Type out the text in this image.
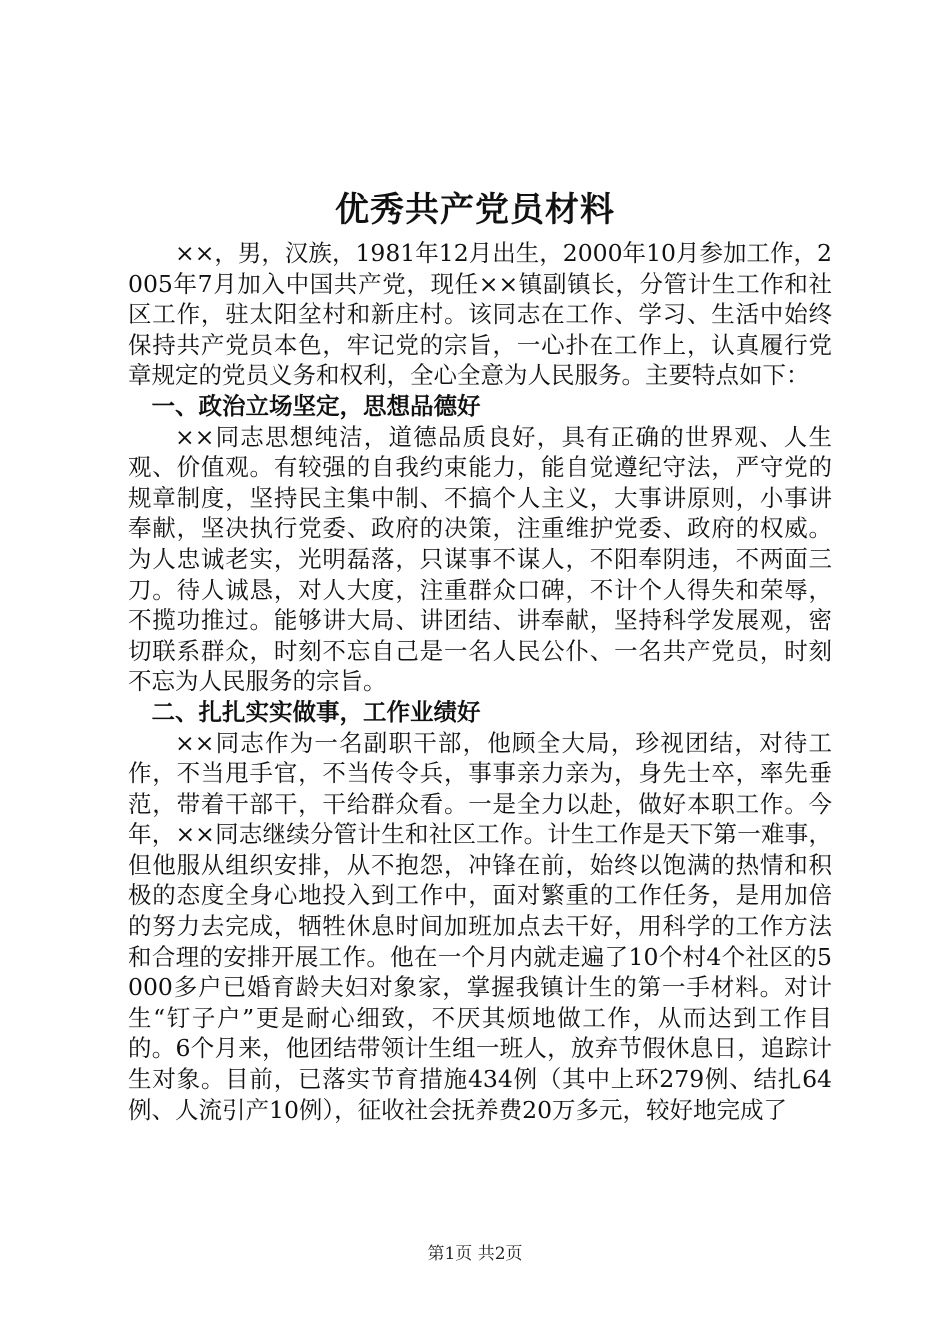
优秀共产党员材料

××，男，汉族，1981年12月出生，2000年10月参加工作，2005年7月加入中国共产党，现任××镇副镇长，分管计生工作和社区工作，驻太阳坌村和新庄村。该同志在工作、学习、生活中始终保持共产党员本色，牢记党的宗旨，一心扑在工作上，认真履行党章规定的党员义务和权利，全心全意为人民服务。主要特点如下：

一、政治立场坚定，思想品德好

××同志思想纯洁，道德品质良好，具有正确的世界观、人生观、价值观。有较强的自我约束能力，能自觉遵纪守法，严守党的规章制度，坚持民主集中制、不搞个人主义，大事讲原则，小事讲奉献，坚决执行党委、政府的决策，注重维护党委、政府的权威。为人忠诚老实，光明磊落，只谋事不谋人，不阳奉阴违，不两面三刀。待人诚恳，对人大度，注重群众口碑，不计个人得失和荣辱，不揽功推过。能够讲大局、讲团结、讲奉献，坚持科学发展观，密切联系群众，时刻不忘自己是一名人民公仆、一名共产党员，时刻不忘为人民服务的宗旨。

二、扎扎实实做事，工作业绩好

××同志作为一名副职干部，他顾全大局，珍视团结，对待工作，不当甩手官，不当传令兵，事事亲力亲为，身先士卒，率先垂范，带着干部干，干给群众看。一是全力以赴，做好本职工作。今年，××同志继续分管计生和社区工作。计生工作是天下第一难事，但他服从组织安排，从不抱怨，冲锋在前，始终以饱满的热情和积极的态度全身心地投入到工作中，面对繁重的工作任务，是用加倍的努力去完成，牺牲休息时间加班加点去干好，用科学的工作方法和合理的安排开展工作。他在一个月内就走遍了10个村4个社区的5000多户已婚育龄夫妇对象家，掌握我镇计生的第一手材料。对计生“钉子户”更是耐心细致，不厌其烦地做工作，从而达到工作目的。6个月来，他团结带领计生组一班人，放弃节假休息日，追踪计生对象。目前，已落实节育措施434例（其中上环279例、结扎64例、人流引产10例），征收社会抚养费20万多元，较好地完成了

第1页 共2页
